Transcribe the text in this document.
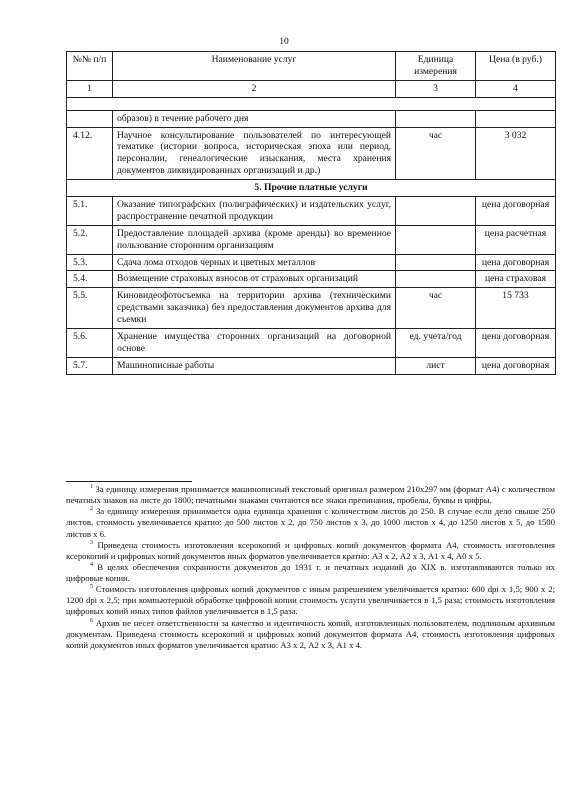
10
№№ п/п	Наименование услуг	Единица измерения	Цена (в руб.)
1	2	3	4

	образов) в течение рабочего дня		
4.12.	Научное консультирование пользователей по интересующей тематике (истории вопроса, историческая эпоха или период, персоналии, генеалогические изыскания, места хранения документов ликвидированных организаций и др.)	час	3 032
5. Прочие платные услуги			
5.1.	Оказание типографских (полиграфических) и издательских услуг, распространение печатной продукции		цена договорная
5.2.	Предоставление площадей архива (кроме аренды) во временное пользование сторонним организациям		цена расчетная
5.3.	Сдача лома отходов черных и цветных металлов		цена договорная
5.4.	Возмещение страховых взносов от страховых организаций		цена страховая
5.5.	Киновидеофотосъемка на территории архива (техническими средствами заказчика) без предоставления документов архива для съемки	час	15 733
5.6.	Хранение имущества сторонних организаций на договорной основе	ед. учета/год	цена договорная
5.7.	Машинописные работы	лист	цена договорная

$^1$ За единицу измерения принимается машинописный текстовый оригинал размером 210x297 мм (формат А4) с количеством печатных знаков на листе до 1800; печатными знаками считаются все знаки препинания, пробелы, буквы и цифры.

$^2$ За единицу измерения принимается одна единица хранения с количеством листов до 250. В случае если дело свыше 250 листов, стоимость увеличивается кратно: до 500 листов х 2, до 750 листов х 3, до 1000 листов х 4, до 1250 листов х 5, до 1500 листов х 6.

$^3$ Приведена стоимость изготовления ксерокопий и цифровых копий документов формата А4, стоимость изготовления ксерокопий и цифровых копий документов иных форматов увеличивается кратно: А3 х 2, А2 х 3, А1 х 4, А0 х 5.

$^4$ В целях обеспечения сохранности документов до 1931 г. и печатных изданий до XIX в. изготавливаются только их цифровые копии.

$^5$ Стоимость изготовления цифровых копий документов с иным разрешением увеличивается кратно: 600 dpi х 1,5; 900 х 2; 1200 dpi х 2,5; при компьютерной обработке цифровой копии стоимость услуги увеличивается в 1,5 раза; стоимость изготовления цифровых копий иных типов файлов увеличивается в 1,5 раза.

$^6$ Архив не несет ответственности за качество и идентичность копий, изготовленных пользователем, подлинным архивным документам. Приведена стоимость ксерокопий и цифровых копий документов формата А4, стоимость изготовления цифровых копий документов иных форматов увеличивается кратно: А3 х 2, А2 х 3, А1 х 4.
